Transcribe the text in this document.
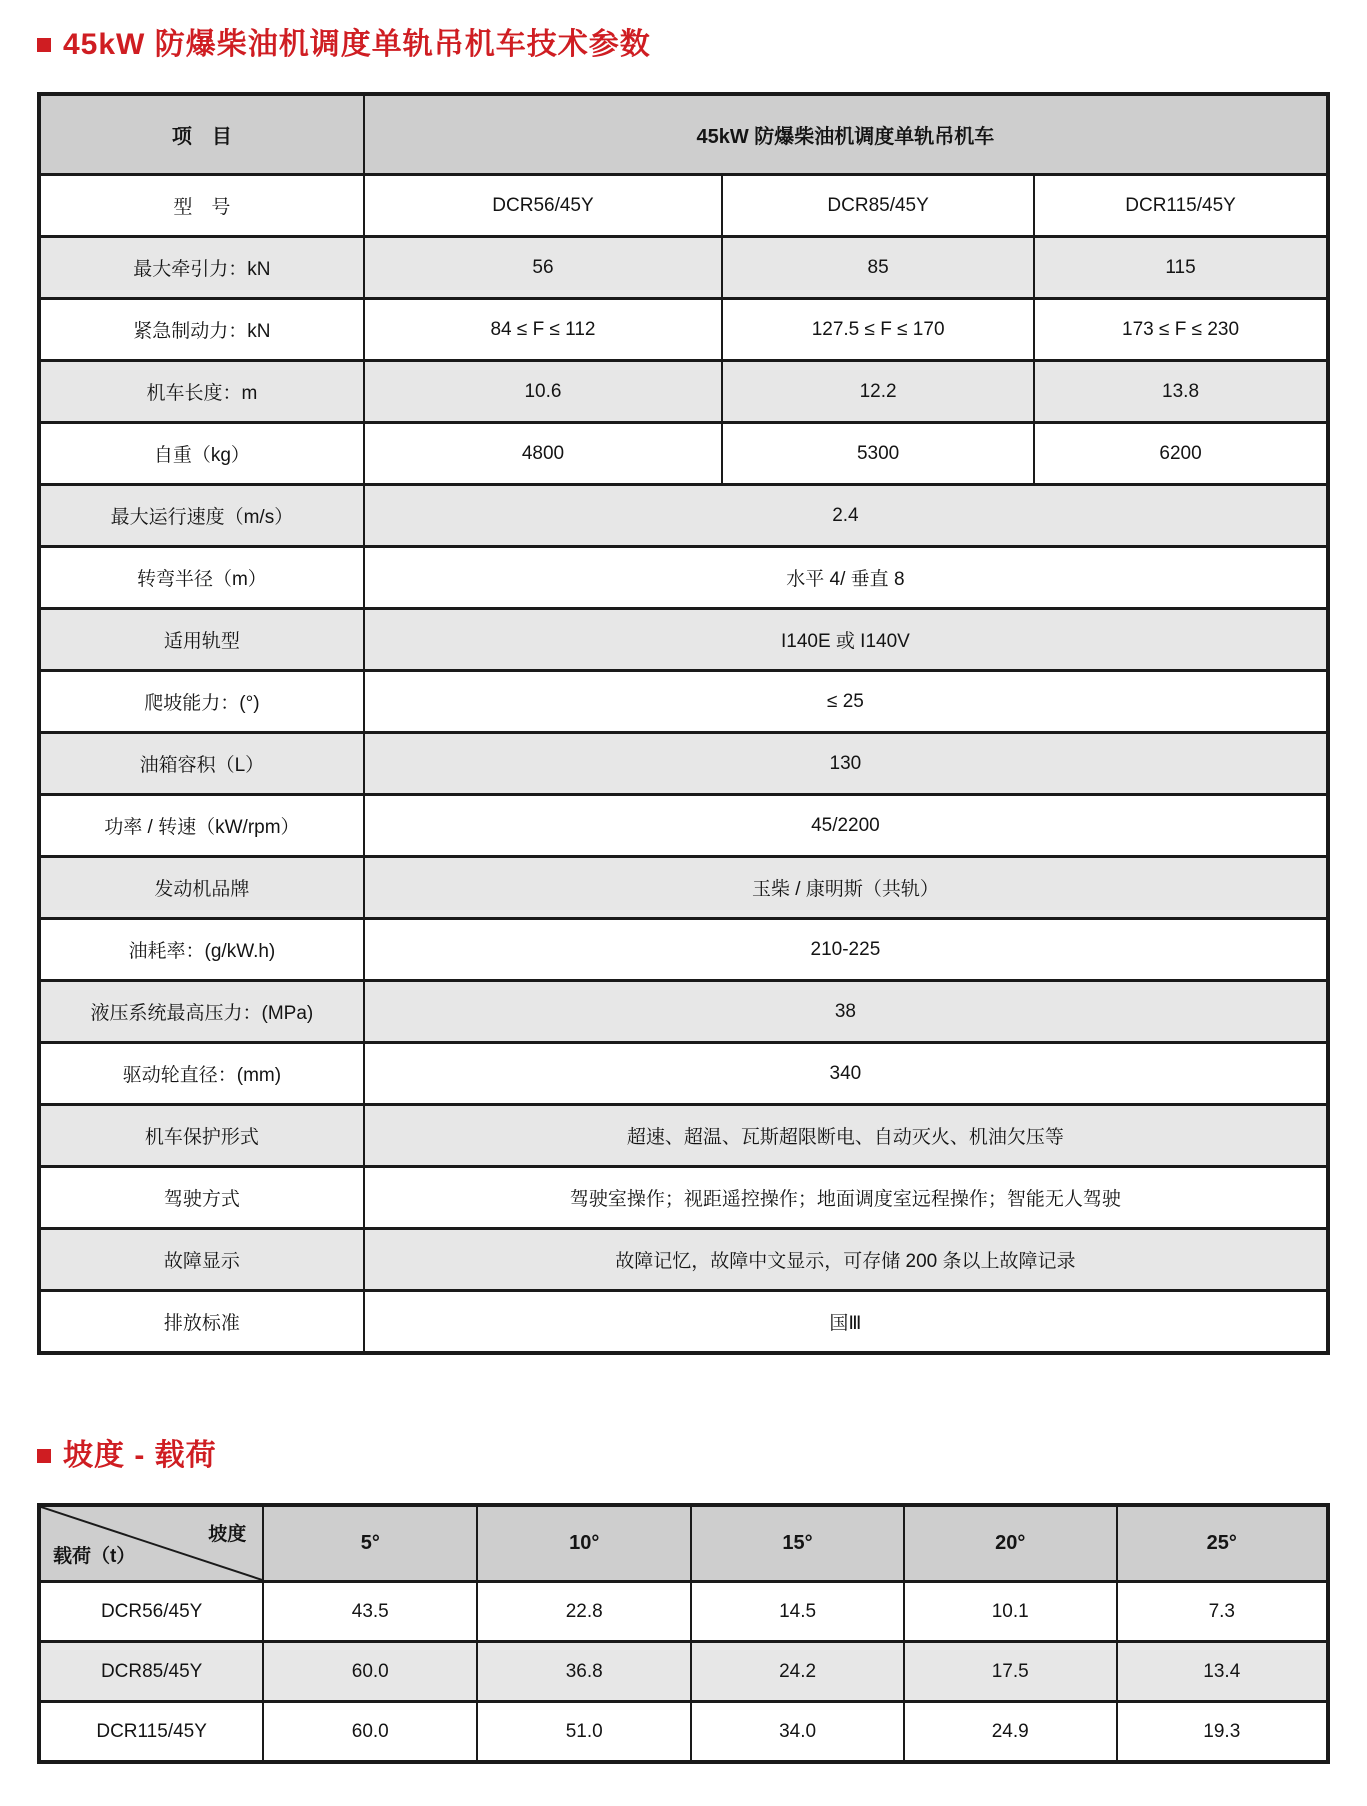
45kW 防爆柴油机调度单轨吊机车技术参数
项　目	45kW 防爆柴油机调度单轨吊机车		
型　号	DCR56/45Y	DCR85/45Y	DCR115/45Y
最大牵引力：kN	56	85	115
紧急制动力：kN	84 ≤ F ≤ 112	127.5 ≤ F ≤ 170	173 ≤ F ≤ 230
机车长度：m	10.6	12.2	13.8
自重（kg）	4800	5300	6200
最大运行速度（m/s）	2.4		
转弯半径（m）	水平 4/ 垂直 8		
适用轨型	I140E 或 I140V		
爬坡能力：(°)	≤ 25		
油箱容积（L）	130		
功率 / 转速（kW/rpm）	45/2200		
发动机品牌	玉柴 / 康明斯（共轨）		
油耗率：(g/kW.h)	210-225		
液压系统最高压力：(MPa)	38		
驱动轮直径：(mm)	340		
机车保护形式	超速、超温、瓦斯超限断电、自动灭火、机油欠压等		
驾驶方式	驾驶室操作；视距遥控操作；地面调度室远程操作；智能无人驾驶		
故障显示	故障记忆，故障中文显示，可存储 200 条以上故障记录		
排放标准	国Ⅲ		
坡度 - 载荷
坡度
载荷（t）	5°	10°	15°	20°	25°
DCR56/45Y	43.5	22.8	14.5	10.1	7.3
DCR85/45Y	60.0	36.8	24.2	17.5	13.4
DCR115/45Y	60.0	51.0	34.0	24.9	19.3
